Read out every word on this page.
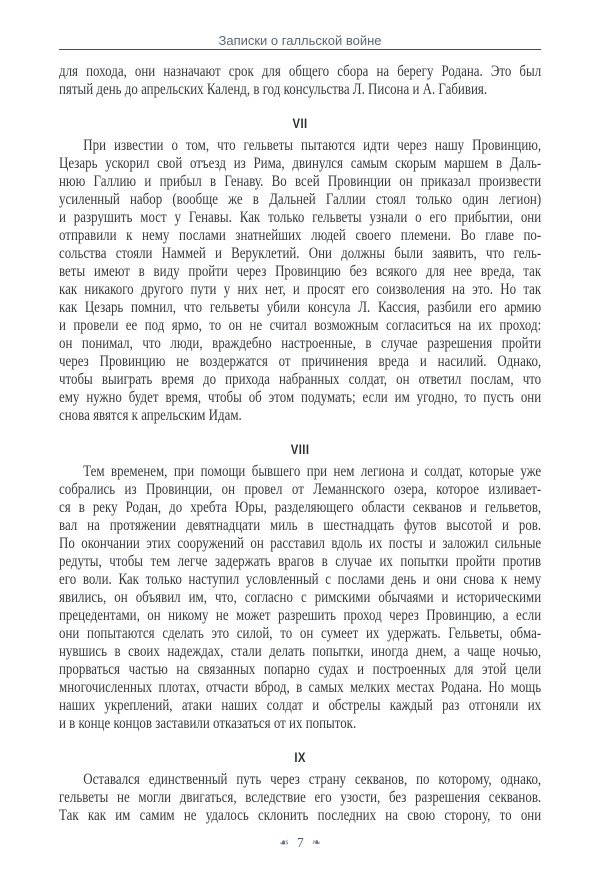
Записки о галльской войне
для похода, они назначают срок для общего сбора на берегу Родана. Это был
пятый день до апрельских Календ, в год консульства Л. Писона и А. Габивия.
VII
При известии о том, что гельветы пытаются идти через нашу Провинцию,
Цезарь ускорил свой отъезд из Рима, двинулся самым скорым маршем в Даль-
нюю Галлию и прибыл в Генаву. Во всей Провинции он приказал произвести
усиленный набор (вообще же в Дальней Галлии стоял только один легион)
и разрушить мост у Генавы. Как только гельветы узнали о его прибытии, они
отправили к нему послами знатнейших людей своего племени. Во главе по-
сольства стояли Наммей и Веруклетий. Они должны были заявить, что гель-
веты имеют в виду пройти через Провинцию без всякого для нее вреда, так
как никакого другого пути у них нет, и просят его соизволения на это. Но так
как Цезарь помнил, что гельветы убили консула Л. Кассия, разбили его армию
и провели ее под ярмо, то он не считал возможным согласиться на их проход:
он понимал, что люди, враждебно настроенные, в случае разрешения пройти
через Провинцию не воздержатся от причинения вреда и насилий. Однако,
чтобы выиграть время до прихода набранных солдат, он ответил послам, что
ему нужно будет время, чтобы об этом подумать; если им угодно, то пусть они
снова явятся к апрельским Идам.
VIII
Тем временем, при помощи бывшего при нем легиона и солдат, которые уже
собрались из Провинции, он провел от Леманнского озера, которое изливает-
ся в реку Родан, до хребта Юры, разделяющего области секванов и гельветов,
вал на протяжении девятнадцати миль в шестнадцать футов высотой и ров.
По окончании этих сооружений он расставил вдоль их посты и заложил сильные
редуты, чтобы тем легче задержать врагов в случае их попытки пройти против
его воли. Как только наступил условленный с послами день и они снова к нему
явились, он объявил им, что, согласно с римскими обычаями и историческими
прецедентами, он никому не может разрешить проход через Провинцию, а если
они попытаются сделать это силой, то он сумеет их удержать. Гельветы, обма-
нувшись в своих надеждах, стали делать попытки, иногда днем, а чаще ночью,
прорваться частью на связанных попарно судах и построенных для этой цели
многочисленных плотах, отчасти вброд, в самых мелких местах Родана. Но мощь
наших укреплений, атаки наших солдат и обстрелы каждый раз отгоняли их
и в конце концов заставили отказаться от их попыток.
IX
Оставался единственный путь через страну секванов, по которому, однако,
гельветы не могли двигаться, вследствие его узости, без разрешения секванов.
Так как им самим не удалось склонить последних на свою сторону, то они
☙ 7 ❧
